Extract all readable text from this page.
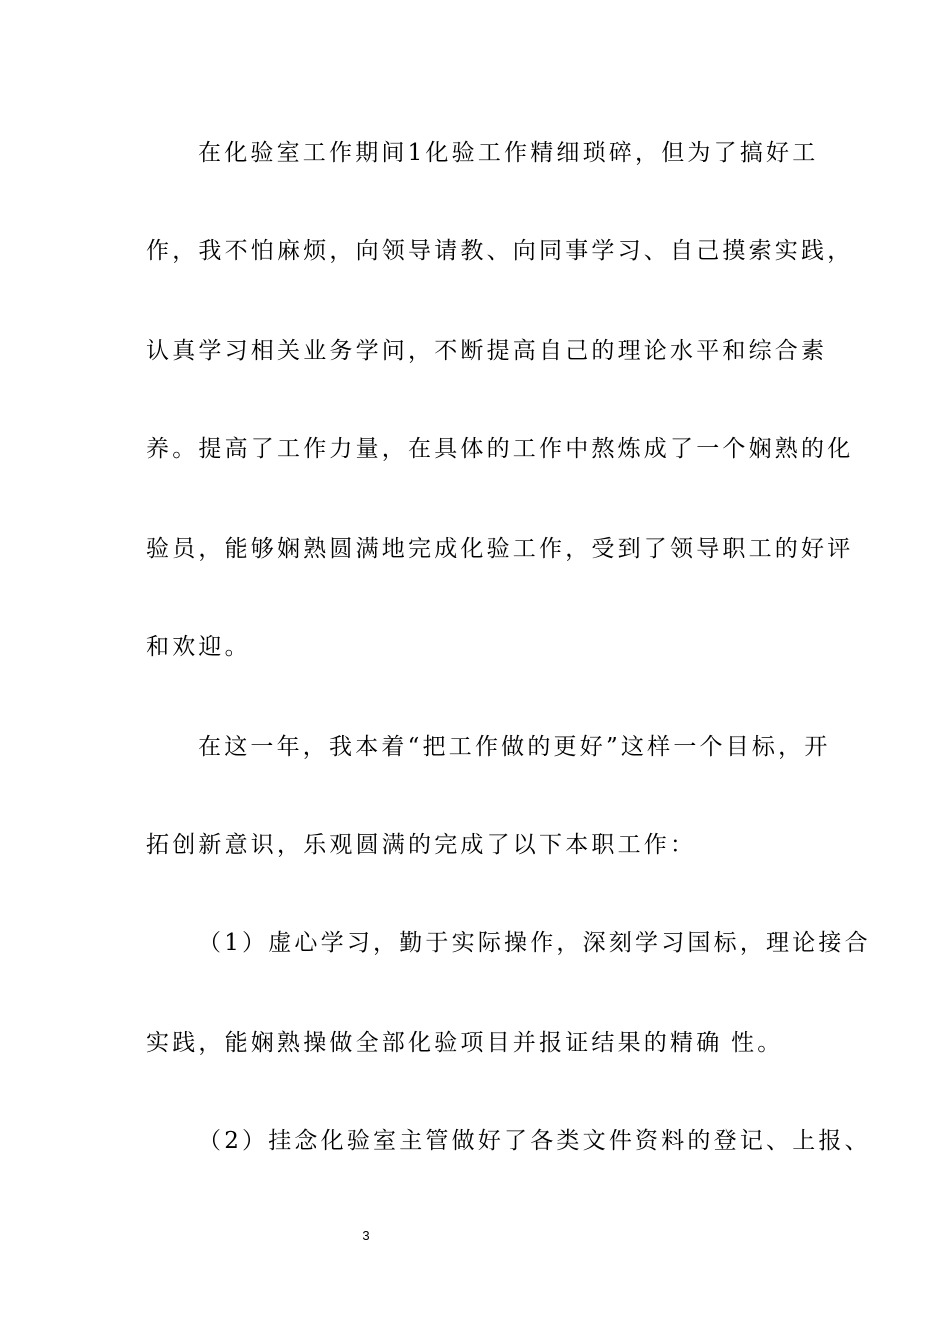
在化验室工作期间1化验工作精细琐碎，但为了搞好工
作，我不怕麻烦，向领导请教、向同事学习、自己摸索实践，
认真学习相关业务学问，不断提高自己的理论水平和综合素
养。提高了工作力量，在具体的工作中熬炼成了一个娴熟的化
验员，能够娴熟圆满地完成化验工作，受到了领导职工的好评
和欢迎。
在这一年，我本着“把工作做的更好”这样一个目标，开
拓创新意识，乐观圆满的完成了以下本职工作：
（1）虚心学习，勤于实际操作，深刻学习国标，理论接合
实践，能娴熟操做全部化验项目并报证结果的精确 性。
（2）挂念化验室主管做好了各类文件资料的登记、上报、
3
